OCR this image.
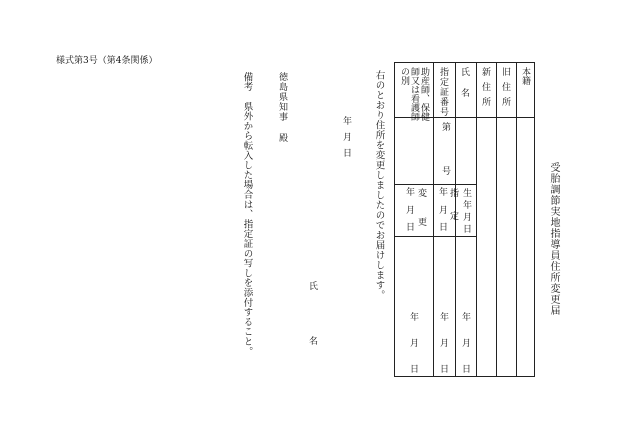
様式第3号（第4条関係）
受胎調節実地指導員住所変更届
本籍
旧住所
新住所
氏名
指定証番号
助産師、保健
師又は看護師
の別
第
号
生年月日
指定
年
月
日
変更
年
月
日
年
月
日
年
月
日
年
月
日
右のとおり住所を変更しましたのでお届けします。
年
月
日
氏
名
徳島県知事
殿
備考　県外から転入した場合は、指定証の写しを添付すること。
